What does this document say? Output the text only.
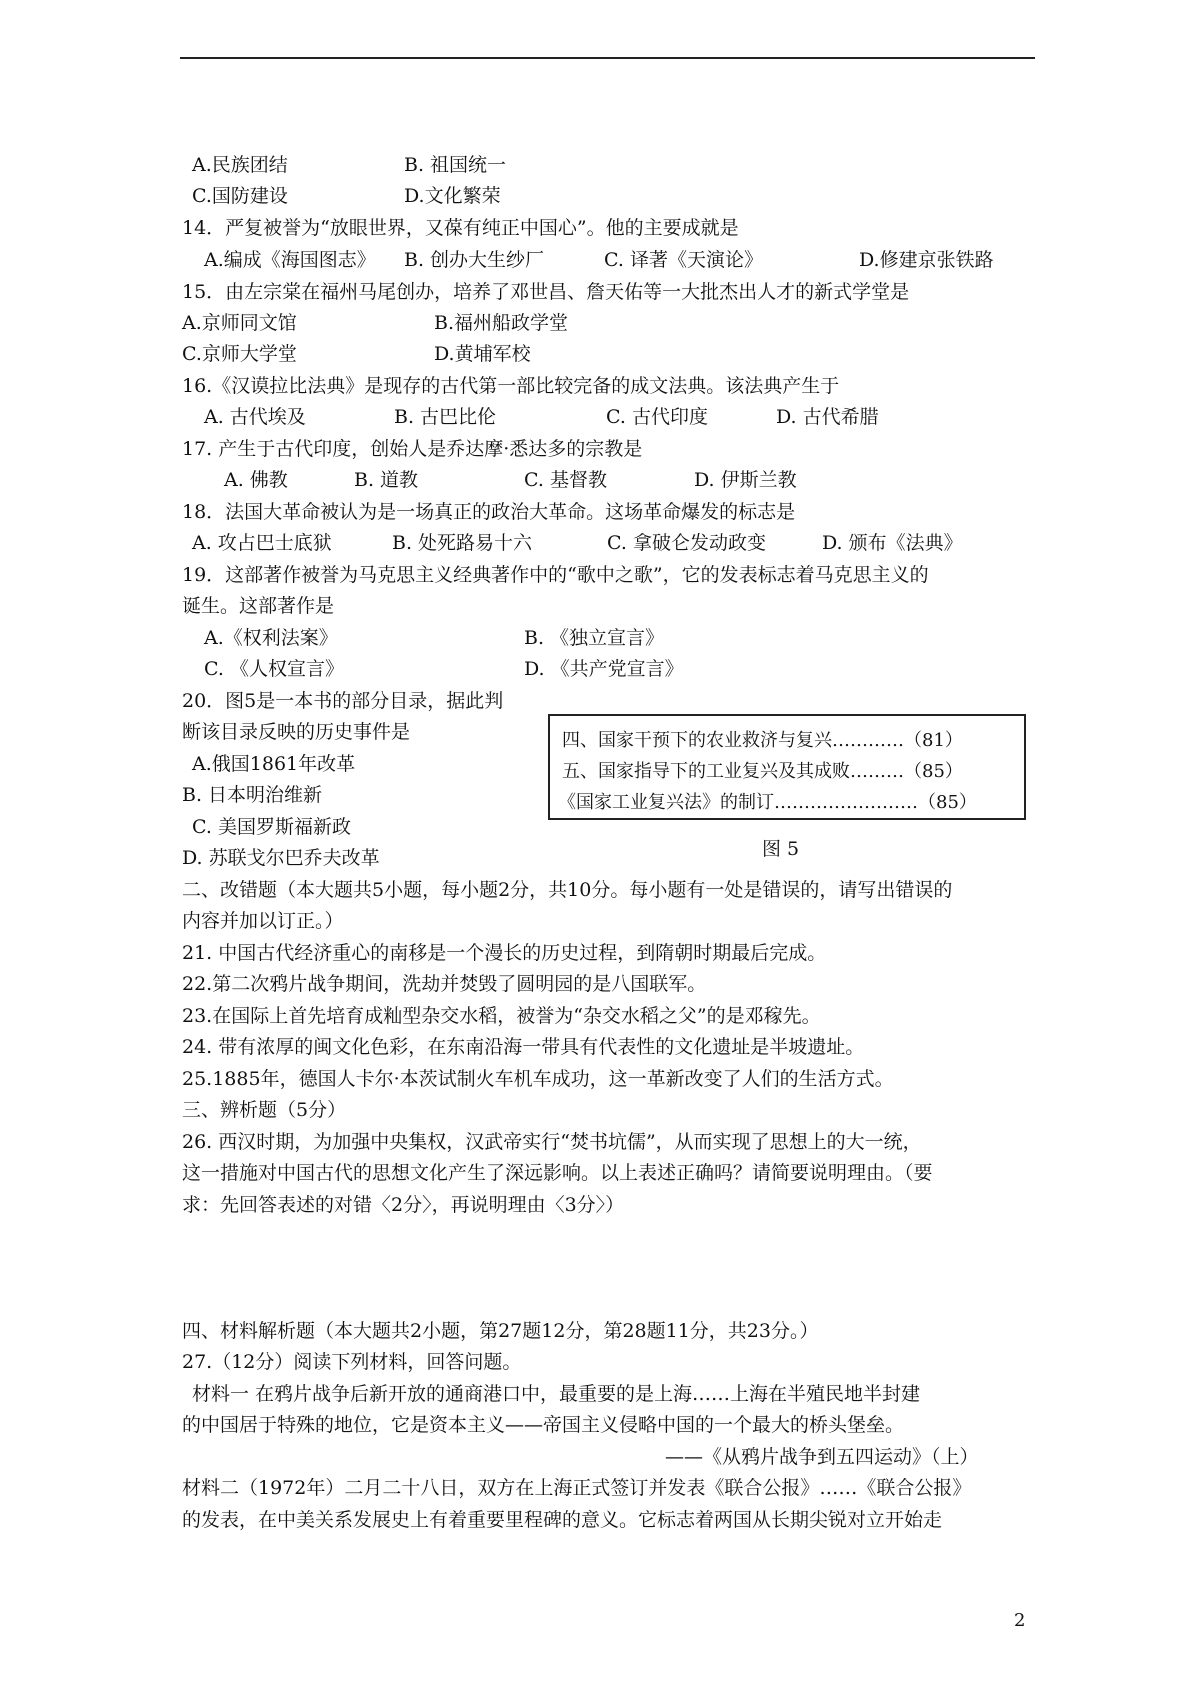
A.民族团结	B. 祖国统一
C.国防建设	D.文化繁荣
14．严复被誉为“放眼世界，又葆有纯正中国心”。他的主要成就是
A.编成《海国图志》 B. 创办大生纱厂	C. 译著《天演论》	D.修建京张铁路
15．由左宗棠在福州马尾创办，培养了邓世昌、詹天佑等一大批杰出人才的新式学堂是
A.京师同文馆	B.福州船政学堂
C.京师大学堂	D.黄埔军校
16.《汉谟拉比法典》是现存的古代第一部比较完备的成文法典。该法典产生于
A. 古代埃及	B. 古巴比伦	C. 古代印度	D. 古代希腊
17. 产生于古代印度，创始人是乔达摩·悉达多的宗教是
A. 佛教	B. 道教	C. 基督教	D. 伊斯兰教
18．法国大革命被认为是一场真正的政治大革命。这场革命爆发的标志是
A. 攻占巴士底狱	B. 处死路易十六	C. 拿破仑发动政变	D. 颁布《法典》
19．这部著作被誉为马克思主义经典著作中的“歌中之歌”，它的发表标志着马克思主义的
诞生。这部著作是
A.《权利法案》	B. 《独立宣言》
C. 《人权宣言》	D. 《共产党宣言》
20．图5是一本书的部分目录，据此判
断该目录反映的历史事件是
A.俄国1861年改革
B. 日本明治维新
C. 美国罗斯福新政
D. 苏联戈尔巴乔夫改革
四、国家干预下的农业救济与复兴…………（81）
五、国家指导下的工业复兴及其成败………（85）
《国家工业复兴法》的制订……………………（85）
图 5
二、改错题（本大题共5小题，每小题2分，共10分。每小题有一处是错误的，请写出错误的
内容并加以订正。）
21. 中国古代经济重心的南移是一个漫长的历史过程，到隋朝时期最后完成。
22.第二次鸦片战争期间，洗劫并焚毁了圆明园的是八国联军。
23.在国际上首先培育成籼型杂交水稻，被誉为“杂交水稻之父”的是邓稼先。
24. 带有浓厚的闽文化色彩，在东南沿海一带具有代表性的文化遗址是半坡遗址。
25.1885年，德国人卡尔·本茨试制火车机车成功，这一革新改变了人们的生活方式。
三、辨析题（5分）
26. 西汉时期，为加强中央集权，汉武帝实行“焚书坑儒”，从而实现了思想上的大一统，
这一措施对中国古代的思想文化产生了深远影响。以上表述正确吗？请简要说明理由。（要
求：先回答表述的对错〈2分〉，再说明理由〈3分〉）
四、材料解析题（本大题共2小题，第27题12分，第28题11分，共23分。）
27.（12分）阅读下列材料，回答问题。
材料一 在鸦片战争后新开放的通商港口中，最重要的是上海……上海在半殖民地半封建
的中国居于特殊的地位，它是资本主义——帝国主义侵略中国的一个最大的桥头堡垒。
——《从鸦片战争到五四运动》（上）
材料二（1972年）二月二十八日，双方在上海正式签订并发表《联合公报》……《联合公报》
的发表，在中美关系发展史上有着重要里程碑的意义。它标志着两国从长期尖锐对立开始走
2
